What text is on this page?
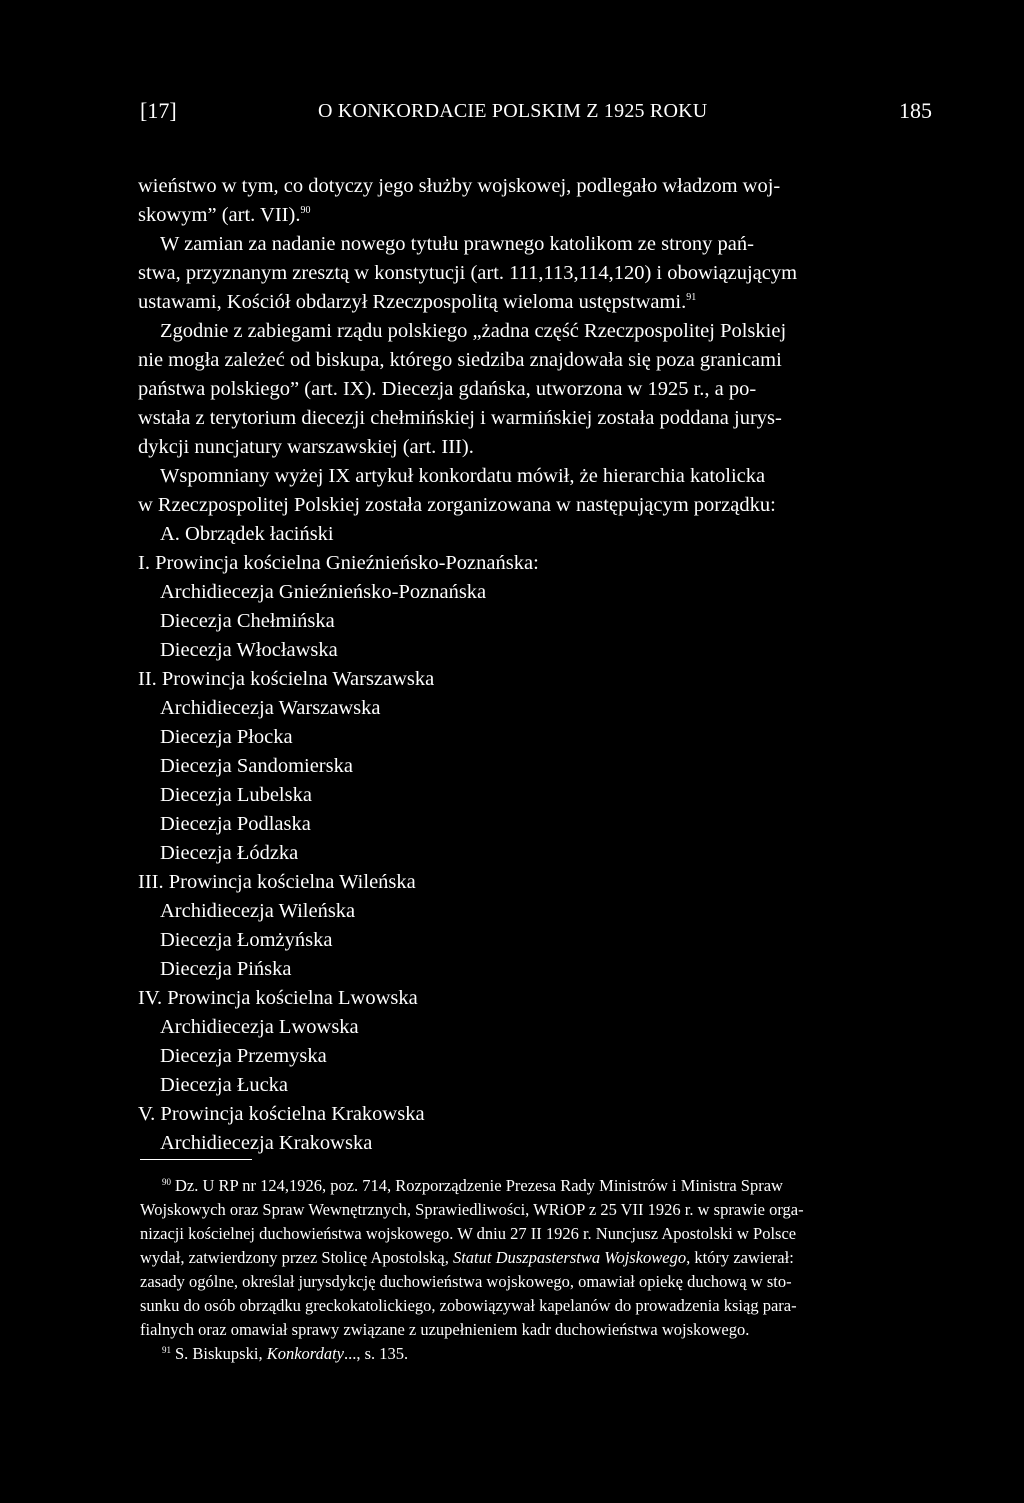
[17]	O KONKORDACIE POLSKIM Z 1925 ROKU	185
wieństwo w tym, co dotyczy jego służby wojskowej, podlegało władzom woj-
skowym” (art. VII).$^{90}$
W zamian za nadanie nowego tytułu prawnego katolikom ze strony pań-
stwa, przyznanym zresztą w konstytucji (art. 111,113,114,120) i obowiązującym
ustawami, Kościół obdarzył Rzeczpospolitą wieloma ustępstwami.$^{91}$
Zgodnie z zabiegami rządu polskiego „żadna część Rzeczpospolitej Polskiej
nie mogła zależeć od biskupa, którego siedziba znajdowała się poza granicami
państwa polskiego” (art. IX). Diecezja gdańska, utworzona w 1925 r., a po-
wstała z terytorium diecezji chełmińskiej i warmińskiej została poddana jurys-
dykcji nuncjatury warszawskiej (art. III).
Wspomniany wyżej IX artykuł konkordatu mówił, że hierarchia katolicka
w Rzeczpospolitej Polskiej została zorganizowana w następującym porządku:
A. Obrządek łaciński
I. Prowincja kościelna Gnieźnieńsko-Poznańska:
Archidiecezja Gnieźnieńsko-Poznańska
Diecezja Chełmińska
Diecezja Włocławska
II. Prowincja kościelna Warszawska
Archidiecezja Warszawska
Diecezja Płocka
Diecezja Sandomierska
Diecezja Lubelska
Diecezja Podlaska
Diecezja Łódzka
III. Prowincja kościelna Wileńska
Archidiecezja Wileńska
Diecezja Łomżyńska
Diecezja Pińska
IV. Prowincja kościelna Lwowska
Archidiecezja Lwowska
Diecezja Przemyska
Diecezja Łucka
V. Prowincja kościelna Krakowska
Archidiecezja Krakowska
$^{90}$ Dz. U RP nr 124,1926, poz. 714, Rozporządzenie Prezesa Rady Ministrów i Ministra Spraw
Wojskowych oraz Spraw Wewnętrznych, Sprawiedliwości, WRiOP z 25 VII 1926 r. w sprawie orga-
nizacji kościelnej duchowieństwa wojskowego. W dniu 27 II 1926 r. Nuncjusz Apostolski w Polsce
wydał, zatwierdzony przez Stolicę Apostolską, Statut Duszpasterstwa Wojskowego, który zawierał:
zasady ogólne, określał jurysdykcję duchowieństwa wojskowego, omawiał opiekę duchową w sto-
sunku do osób obrządku greckokatolickiego, zobowiązywał kapelanów do prowadzenia ksiąg para-
fialnych oraz omawiał sprawy związane z uzupełnieniem kadr duchowieństwa wojskowego.
$^{91}$ S. Biskupski, Konkordaty..., s. 135.
